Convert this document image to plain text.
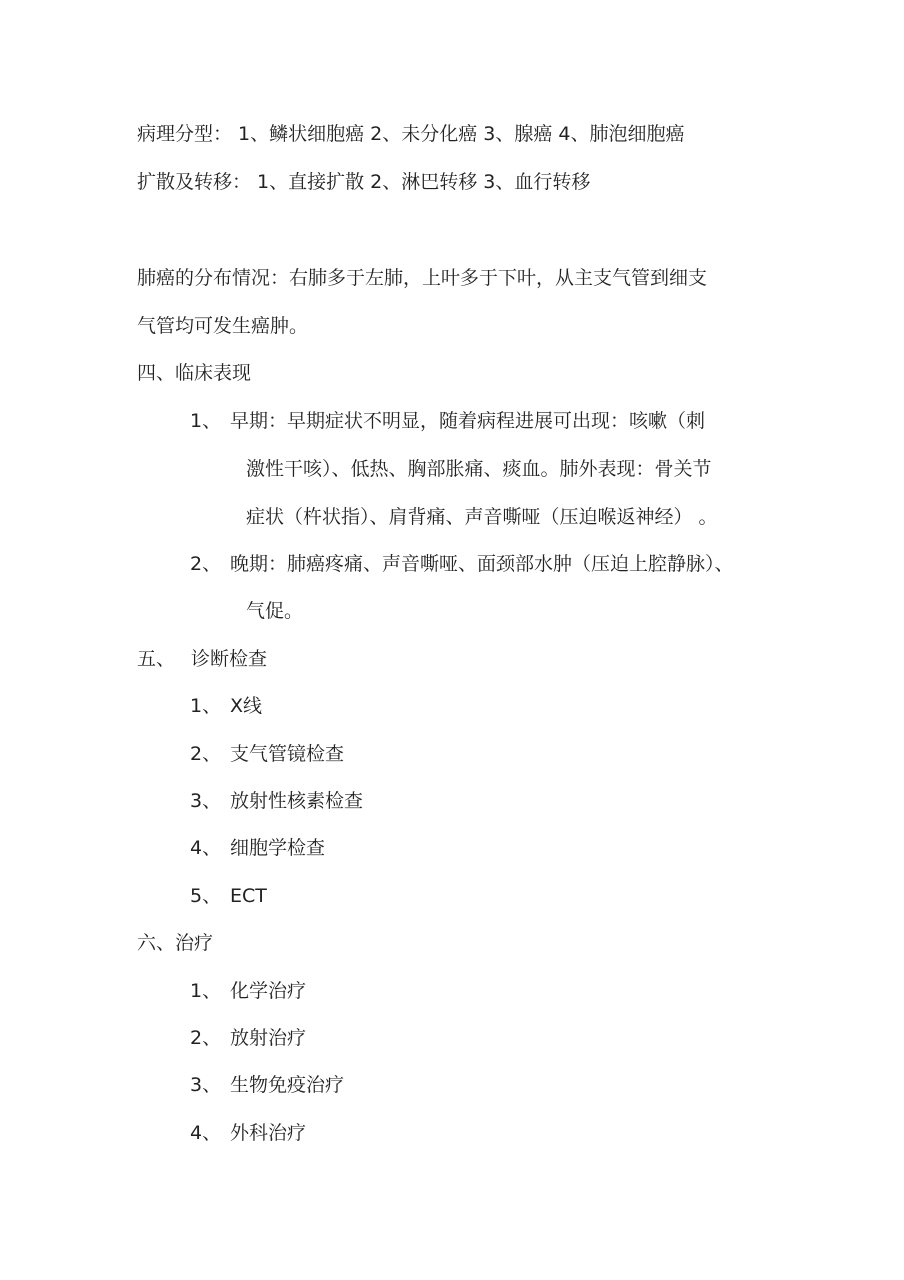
病理分型： 1、鳞状细胞癌 2、未分化癌 3、腺癌 4、肺泡细胞癌
扩散及转移： 1、直接扩散 2、淋巴转移 3、血行转移
肺癌的分布情况：右肺多于左肺，上叶多于下叶，从主支气管到细支
气管均可发生癌肿。
四、临床表现
1、 早期：早期症状不明显，随着病程进展可出现：咳嗽（刺
激性干咳）、低热、胸部胀痛、痰血。肺外表现：骨关节
症状（杵状指）、肩背痛、声音嘶哑（压迫喉返神经） 。
2、 晚期：肺癌疼痛、声音嘶哑、面颈部水肿（压迫上腔静脉）、
气促。
五、 诊断检查
1、 X线
2、 支气管镜检查
3、 放射性核素检查
4、 细胞学检查
5、 ECT
六、治疗
1、 化学治疗
2、 放射治疗
3、 生物免疫治疗
4、 外科治疗
